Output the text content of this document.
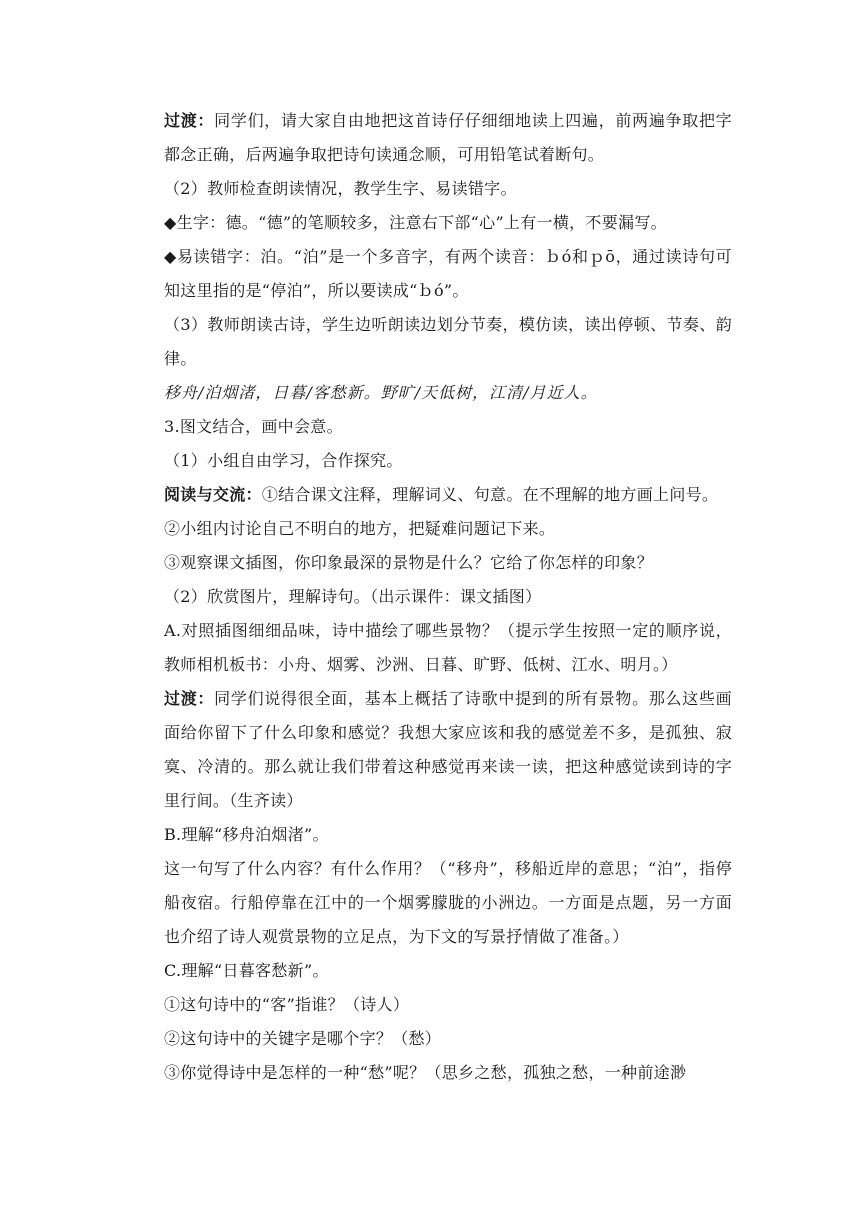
过渡：同学们，请大家自由地把这首诗仔仔细细地读上四遍，前两遍争取把字都念正确，后两遍争取把诗句读通念顺，可用铅笔试着断句。

（2）教师检查朗读情况，教学生字、易读错字。

◆生字：德。“德”的笔顺较多，注意右下部“心”上有一横，不要漏写。

◆易读错字：泊。“泊”是一个多音字，有两个读音：ｂó和ｐō，通过读诗句可知这里指的是“停泊”，所以要读成“ｂó”。

（3）教师朗读古诗，学生边听朗读边划分节奏，模仿读，读出停顿、节奏、韵律。

移舟/泊烟渚，日暮/客愁新。野旷/天低树，江清/月近人。

3.图文结合，画中会意。

（1）小组自由学习，合作探究。

阅读与交流：①结合课文注释，理解词义、句意。在不理解的地方画上问号。

②小组内讨论自己不明白的地方，把疑难问题记下来。

③观察课文插图，你印象最深的景物是什么？它给了你怎样的印象？

（2）欣赏图片，理解诗句。（出示课件：课文插图）

A.对照插图细细品味，诗中描绘了哪些景物？（提示学生按照一定的顺序说，教师相机板书：小舟、烟雾、沙洲、日暮、旷野、低树、江水、明月。）

过渡：同学们说得很全面，基本上概括了诗歌中提到的所有景物。那么这些画面给你留下了什么印象和感觉？我想大家应该和我的感觉差不多，是孤独、寂寞、冷清的。那么就让我们带着这种感觉再来读一读，把这种感觉读到诗的字里行间。（生齐读）

B.理解“移舟泊烟渚”。

这一句写了什么内容？有什么作用？（“移舟”，移船近岸的意思；“泊”，指停船夜宿。行船停靠在江中的一个烟雾朦胧的小洲边。一方面是点题，另一方面也介绍了诗人观赏景物的立足点，为下文的写景抒情做了准备。）

C.理解“日暮客愁新”。

①这句诗中的“客”指谁？（诗人）

②这句诗中的关键字是哪个字？（愁）

③你觉得诗中是怎样的一种“愁”呢？（思乡之愁，孤独之愁，一种前途渺
